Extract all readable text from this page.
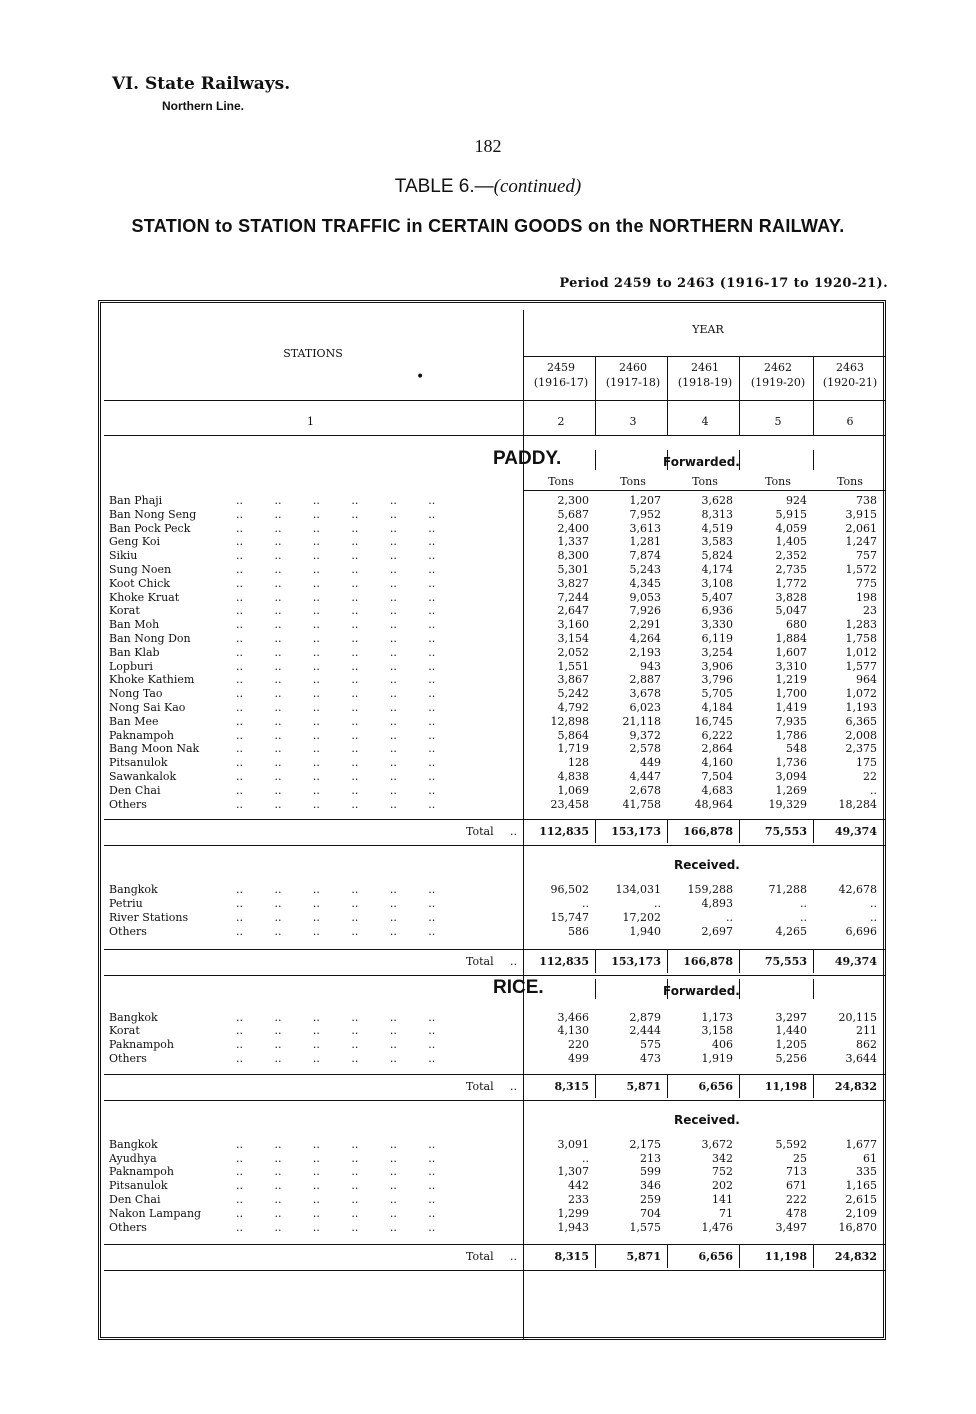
VI. State Railways.
Northern Line.
182
TABLE 6.—(continued)
STATION to STATION TRAFFIC in CERTAIN GOODS on the NORTHERN RAILWAY.
Period 2459 to 2463 (1916-17 to 1920-21).
STATIONS
YEAR
•
2459
(1916-17)
2460
(1917-18)
2461
(1918-19)
2462
(1919-20)
2463
(1920-21)
1	2	3	4	5	6
PADDY.	Forwarded.
Tons	Tons	Tons	Tons	Tons
Ban Phaji	..         ..         ..         ..         ..         ..	2,300	1,207	3,628	924	738
Ban Nong Seng	..         ..         ..         ..         ..         ..	5,687	7,952	8,313	5,915	3,915
Ban Pock Peck	..         ..         ..         ..         ..         ..	2,400	3,613	4,519	4,059	2,061
Geng Koi	..         ..         ..         ..         ..         ..	1,337	1,281	3,583	1,405	1,247
Sikiu	..         ..         ..         ..         ..         ..	8,300	7,874	5,824	2,352	757
Sung Noen	..         ..         ..         ..         ..         ..	5,301	5,243	4,174	2,735	1,572
Koot Chick	..         ..         ..         ..         ..         ..	3,827	4,345	3,108	1,772	775
Khoke Kruat	..         ..         ..         ..         ..         ..	7,244	9,053	5,407	3,828	198
Korat	..         ..         ..         ..         ..         ..	2,647	7,926	6,936	5,047	23
Ban Moh	..         ..         ..         ..         ..         ..	3,160	2,291	3,330	680	1,283
Ban Nong Don	..         ..         ..         ..         ..         ..	3,154	4,264	6,119	1,884	1,758
Ban Klab	..         ..         ..         ..         ..         ..	2,052	2,193	3,254	1,607	1,012
Lopburi	..         ..         ..         ..         ..         ..	1,551	943	3,906	3,310	1,577
Khoke Kathiem	..         ..         ..         ..         ..         ..	3,867	2,887	3,796	1,219	964
Nong Tao	..         ..         ..         ..         ..         ..	5,242	3,678	5,705	1,700	1,072
Nong Sai Kao	..         ..         ..         ..         ..         ..	4,792	6,023	4,184	1,419	1,193
Ban Mee	..         ..         ..         ..         ..         ..	12,898	21,118	16,745	7,935	6,365
Paknampoh	..         ..         ..         ..         ..         ..	5,864	9,372	6,222	1,786	2,008
Bang Moon Nak	..         ..         ..         ..         ..         ..	1,719	2,578	2,864	548	2,375
Pitsanulok	..         ..         ..         ..         ..         ..	128	449	4,160	1,736	175
Sawankalok	..         ..         ..         ..         ..         ..	4,838	4,447	7,504	3,094	22
Den Chai	..         ..         ..         ..         ..         ..	1,069	2,678	4,683	1,269	..
Others	..         ..         ..         ..         ..         ..	23,458	41,758	48,964	19,329	18,284
Total ..	112,835	153,173	166,878	75,553	49,374
Received.
Bangkok	..         ..         ..         ..         ..         ..	96,502	134,031	159,288	71,288	42,678
Petriu	..         ..         ..         ..         ..         ..	..	..	4,893	..	..
River Stations	..         ..         ..         ..         ..         ..	15,747	17,202	..	..	..
Others	..         ..         ..         ..         ..         ..	586	1,940	2,697	4,265	6,696
Total ..	112,835	153,173	166,878	75,553	49,374
RICE.	Forwarded.
Bangkok	..         ..         ..         ..         ..         ..	3,466	2,879	1,173	3,297	20,115
Korat	..         ..         ..         ..         ..         ..	4,130	2,444	3,158	1,440	211
Paknampoh	..         ..         ..         ..         ..         ..	220	575	406	1,205	862
Others	..         ..         ..         ..         ..         ..	499	473	1,919	5,256	3,644
Total ..	8,315	5,871	6,656	11,198	24,832
Received.
Bangkok	..         ..         ..         ..         ..         ..	3,091	2,175	3,672	5,592	1,677
Ayudhya	..         ..         ..         ..         ..         ..	..	213	342	25	61
Paknampoh	..         ..         ..         ..         ..         ..	1,307	599	752	713	335
Pitsanulok	..         ..         ..         ..         ..         ..	442	346	202	671	1,165
Den Chai	..         ..         ..         ..         ..         ..	233	259	141	222	2,615
Nakon Lampang	..         ..         ..         ..         ..         ..	1,299	704	71	478	2,109
Others	..         ..         ..         ..         ..         ..	1,943	1,575	1,476	3,497	16,870
Total ..	8,315	5,871	6,656	11,198	24,832
